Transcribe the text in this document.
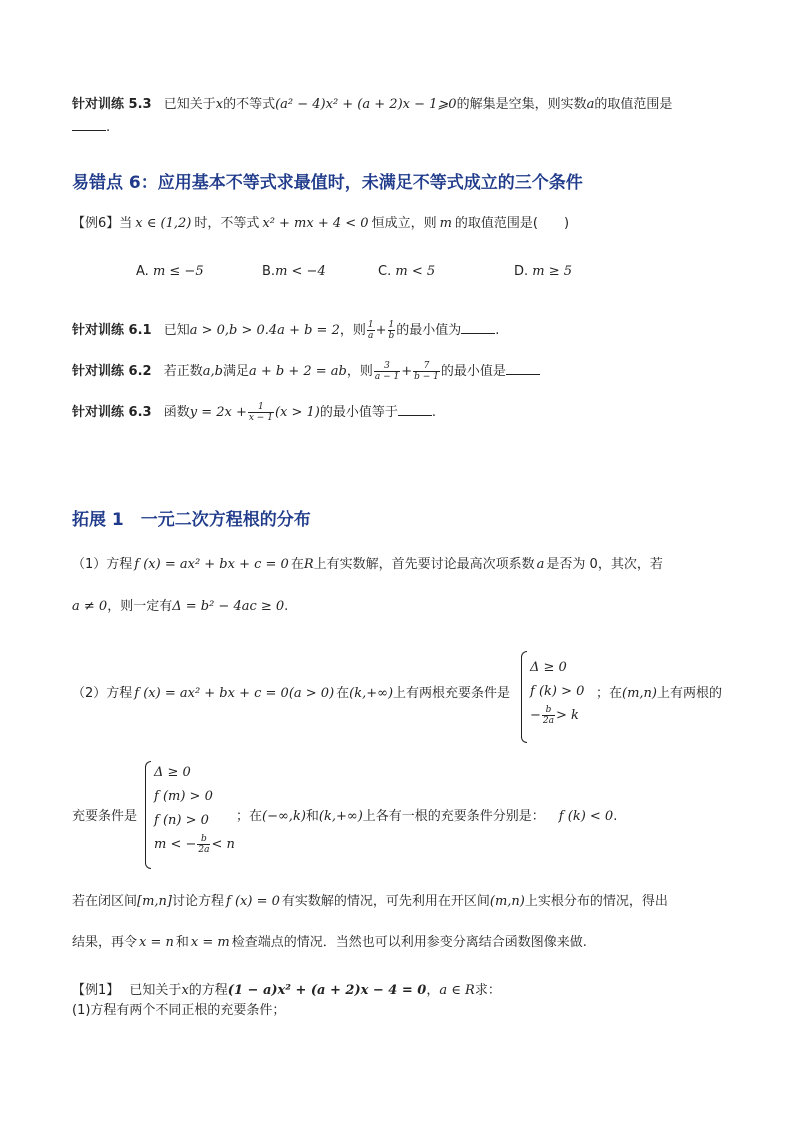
针对训练 5.3 已知关于x的不等式(a² − 4)x² + (a + 2)x − 1⩾0的解集是空集，则实数a的取值范围是
.
易错点 6：应用基本不等式求最值时，未满足不等式成立的三个条件
【例6】当 x ∈ (1,2) 时，不等式 x² + mx + 4 < 0 恒成立，则 m 的取值范围是(　　)
A. m ≤ −5	B.m < −4	C. m < 5	D. m ≥ 5
针对训练 6.1 已知a > 0,b > 0.4a + b = 2，则 $\frac{1}{a} + \frac{1}{b}$ 的最小值为	.
针对训练 6.2 若正数a,b满足a + b + 2 = ab，则 $\frac{3}{a - 1} + \frac{7}{b - 1}$ 的最小值是
针对训练 6.3 函数$y = 2x + \frac{1}{x - 1} (x > 1)$的最小值等于	.
拓展 1　一元二次方程根的分布
（1）方程 f (x) = ax² + bx + c = 0 在R上有实数解，首先要讨论最高次项系数 a 是否为 0，其次，若
a ≠ 0，则一定有Δ = b² − 4ac ≥ 0.
（2）方程 f (x) = ax² + bx + c = 0(a > 0) 在(k,+∞)上有两根充要条件是
Δ ≥ 0
f (k) > 0
− $\frac{b}{2a} > k$
；在(m,n)上有两根的
Δ ≥ 0
f (m) > 0
f (n) > 0
m < − $\frac{b}{2a} < n$
充要条件是	；在(−∞,k)和(k,+∞)上各有一根的充要条件分别是： f (k) < 0.
若在闭区间[m,n]讨论方程 f (x) = 0 有实数解的情况，可先利用在开区间(m,n)上实根分布的情况，得出
结果，再令 x = n 和 x = m 检查端点的情况．当然也可以利用参变分离结合函数图像来做.
【例1】 已知关于x的方程(1 − a)x² + (a + 2)x − 4 = 0，a ∈ R求：
(1)方程有两个不同正根的充要条件；
